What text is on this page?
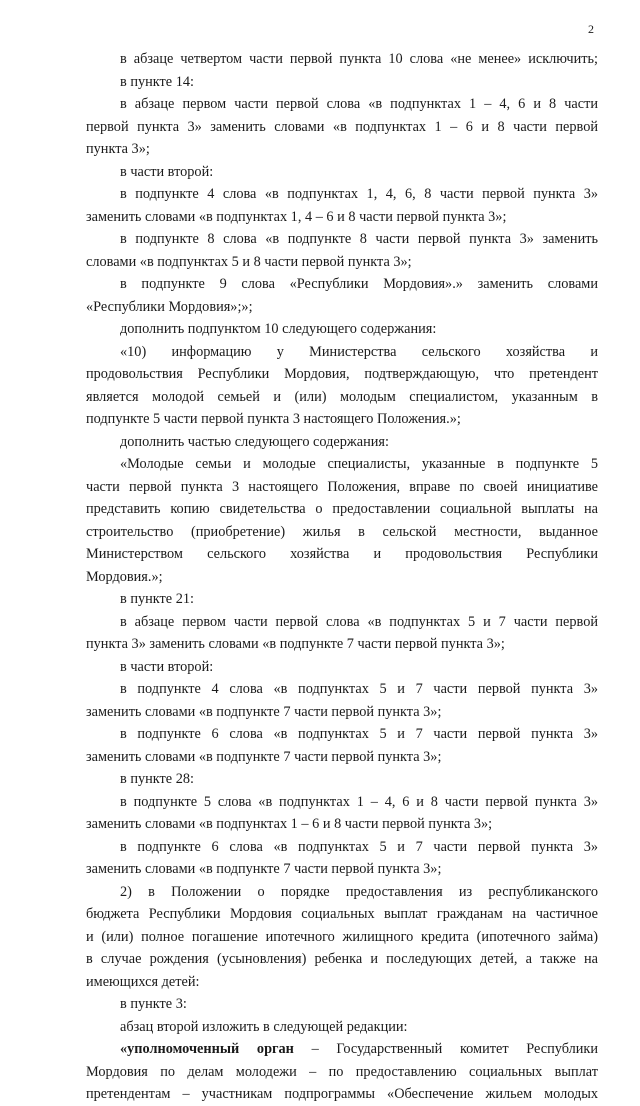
2
в абзаце четвертом части первой пункта 10 слова «не менее» исключить;
в пункте 14:
в абзаце первом части первой слова «в подпунктах 1 – 4, 6 и 8 части
первой пункта 3» заменить словами «в подпунктах 1 – 6 и 8 части первой
пункта 3»;
в части второй:
в подпункте 4 слова «в подпунктах 1, 4, 6, 8 части первой пункта 3»
заменить словами «в подпунктах 1, 4 – 6 и 8 части первой пункта 3»;
в подпункте 8 слова «в подпункте 8 части первой пункта 3» заменить
словами «в подпунктах 5 и 8 части первой пункта 3»;
в подпункте 9 слова «Республики Мордовия».» заменить словами
«Республики Мордовия»;»;
дополнить подпунктом 10 следующего содержания:
«10) информацию у Министерства сельского хозяйства и
продовольствия Республики Мордовия, подтверждающую, что претендент
является молодой семьей и (или) молодым специалистом, указанным в
подпункте 5 части первой пункта 3 настоящего Положения.»;
дополнить частью следующего содержания:
«Молодые семьи и молодые специалисты, указанные в подпункте 5
части первой пункта 3 настоящего Положения, вправе по своей инициативе
представить копию свидетельства о предоставлении социальной выплаты на
строительство (приобретение) жилья в сельской местности, выданное
Министерством сельского хозяйства и продовольствия Республики
Мордовия.»;
в пункте 21:
в абзаце первом части первой слова «в подпунктах 5 и 7 части первой
пункта 3» заменить словами «в подпункте 7 части первой пункта 3»;
в части второй:
в подпункте 4 слова «в подпунктах 5 и 7 части первой пункта 3»
заменить словами «в подпункте 7 части первой пункта 3»;
в подпункте 6 слова «в подпунктах 5 и 7 части первой пункта 3»
заменить словами «в подпункте 7 части первой пункта 3»;
в пункте 28:
в подпункте 5 слова «в подпунктах 1 – 4, 6 и 8 части первой пункта 3»
заменить словами «в подпунктах 1 – 6 и 8 части первой пункта 3»;
в подпункте 6 слова «в подпунктах 5 и 7 части первой пункта 3»
заменить словами «в подпункте 7 части первой пункта 3»;
2) в Положении о порядке предоставления из республиканского
бюджета Республики Мордовия социальных выплат гражданам на частичное
и (или) полное погашение ипотечного жилищного кредита (ипотечного займа)
в случае рождения (усыновления) ребенка и последующих детей, а также на
имеющихся детей:
в пункте 3:
абзац второй изложить в следующей редакции:
«уполномоченный орган – Государственный комитет Республики
Мордовия по делам молодежи – по предоставлению социальных выплат
претендентам – участникам подпрограммы «Обеспечение жильем молодых
